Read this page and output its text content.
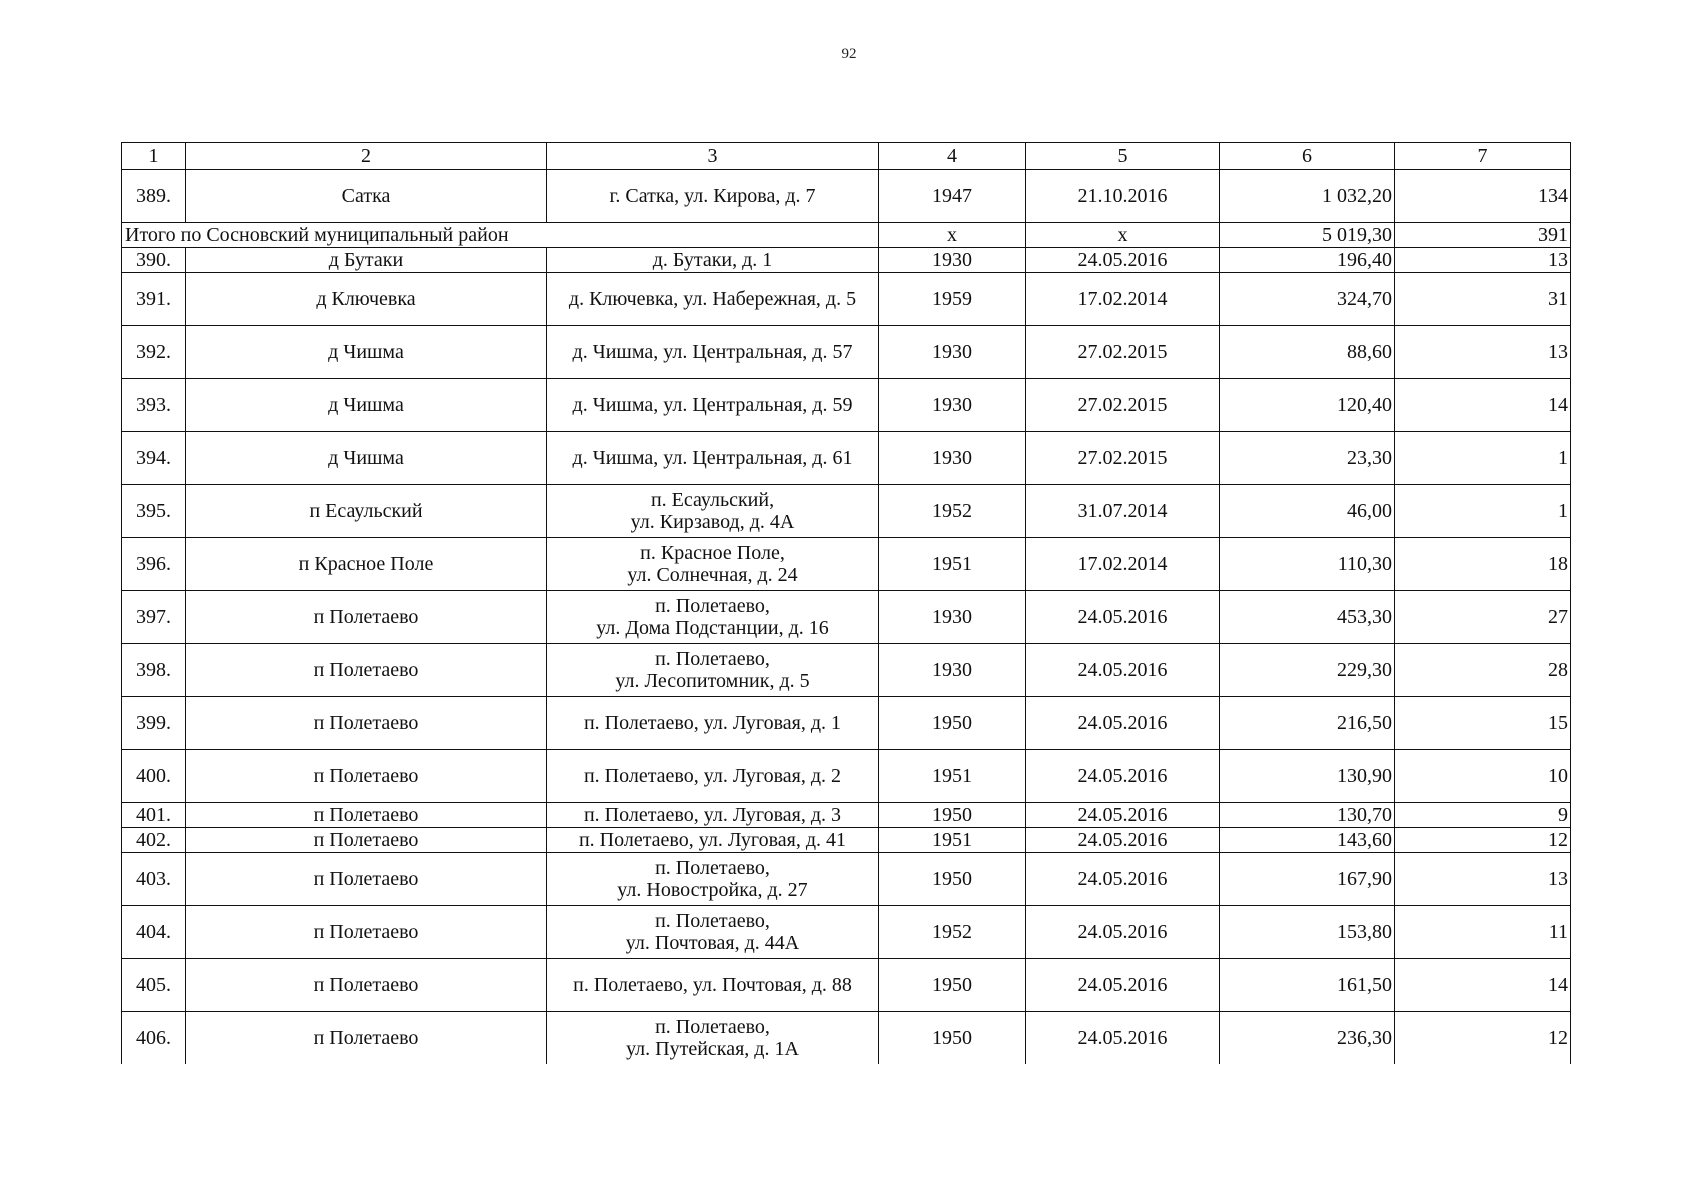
92
1	2	3	4	5	6	7
389.	Сатка	г. Сатка, ул. Кирова, д. 7	1947	21.10.2016	1 032,20	134
Итого по Сосновский муниципальный район			х	х	5 019,30	391
390.	д Бутаки	д. Бутаки, д. 1	1930	24.05.2016	196,40	13
391.	д Ключевка	д. Ключевка, ул. Набережная, д. 5	1959	17.02.2014	324,70	31
392.	д Чишма	д. Чишма, ул. Центральная, д. 57	1930	27.02.2015	88,60	13
393.	д Чишма	д. Чишма, ул. Центральная, д. 59	1930	27.02.2015	120,40	14
394.	д Чишма	д. Чишма, ул. Центральная, д. 61	1930	27.02.2015	23,30	1
395.	п Есаульский	п. Есаульский,
ул. Кирзавод, д. 4А	1952	31.07.2014	46,00	1
396.	п Красное Поле	п. Красное Поле,
ул. Солнечная, д. 24	1951	17.02.2014	110,30	18
397.	п Полетаево	п. Полетаево,
ул. Дома Подстанции, д. 16	1930	24.05.2016	453,30	27
398.	п Полетаево	п. Полетаево,
ул. Лесопитомник, д. 5	1930	24.05.2016	229,30	28
399.	п Полетаево	п. Полетаево, ул. Луговая, д. 1	1950	24.05.2016	216,50	15
400.	п Полетаево	п. Полетаево, ул. Луговая, д. 2	1951	24.05.2016	130,90	10
401.	п Полетаево	п. Полетаево, ул. Луговая, д. 3	1950	24.05.2016	130,70	9
402.	п Полетаево	п. Полетаево, ул. Луговая, д. 41	1951	24.05.2016	143,60	12
403.	п Полетаево	п. Полетаево,
ул. Новостройка, д. 27	1950	24.05.2016	167,90	13
404.	п Полетаево	п. Полетаево,
ул. Почтовая, д. 44А	1952	24.05.2016	153,80	11
405.	п Полетаево	п. Полетаево, ул. Почтовая, д. 88	1950	24.05.2016	161,50	14
406.	п Полетаево	п. Полетаево,
ул. Путейская, д. 1А	1950	24.05.2016	236,30	12
